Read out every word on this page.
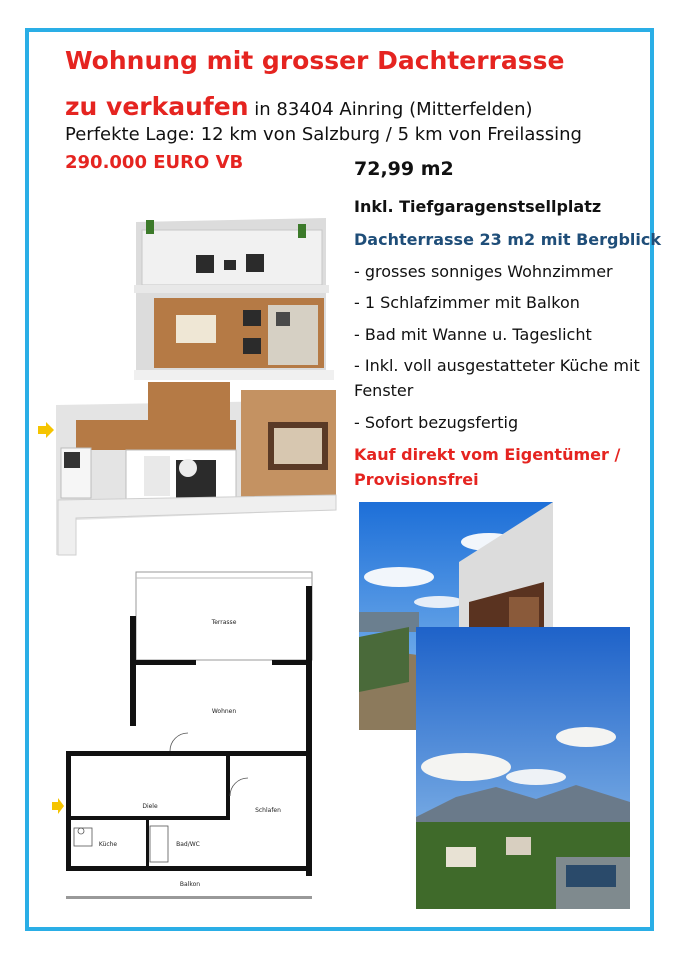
Wohnung mit grosser Dachterrasse
zu verkaufen in 83404 Ainring (Mitterfelden)
Perfekte Lage: 12 km von Salzburg / 5 km von Freilassing
290.000 EURO VB	72,99 m2
Inkl. Tiefgaragenstsellplatz
Dachterrasse 23 m2 mit Bergblick
- grosses sonniges Wohnzimmer
- 1 Schlafzimmer mit Balkon
- Bad mit Wanne u. Tageslicht
- Inkl. voll ausgestatteter Küche mit
Fenster
- Sofort bezugsfertig
Kauf direkt vom Eigentümer /
Provisionsfrei
Terrasse
Wohnen
Diele
Schlafen
Küche	Bad/WC
Balkon
